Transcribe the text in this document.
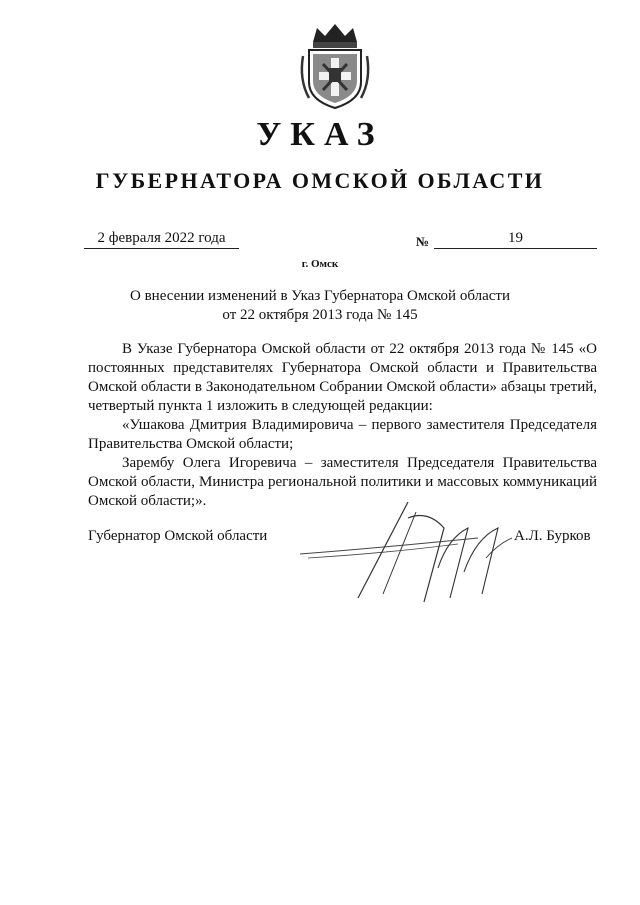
УКАЗ
ГУБЕРНАТОРА ОМСКОЙ ОБЛАСТИ
2 февраля 2022 года	№	19
г. Омск
О внесении изменений в Указ Губернатора Омской области
от 22 октября 2013 года № 145

В Указе Губернатора Омской области от 22 октября 2013 года № 145 «О постоянных представителях Губернатора Омской области и Правительства Омской области в Законодательном Собрании Омской области» абзацы третий, четвертый пункта 1 изложить в следующей редакции:

«Ушакова Дмитрия Владимировича – первого заместителя Председателя Правительства Омской области;

Зарембу Олега Игоревича – заместителя Председателя Правительства Омской области, Министра региональной политики и массовых коммуникаций Омской области;».

Губернатор Омской области	А.Л. Бурков
